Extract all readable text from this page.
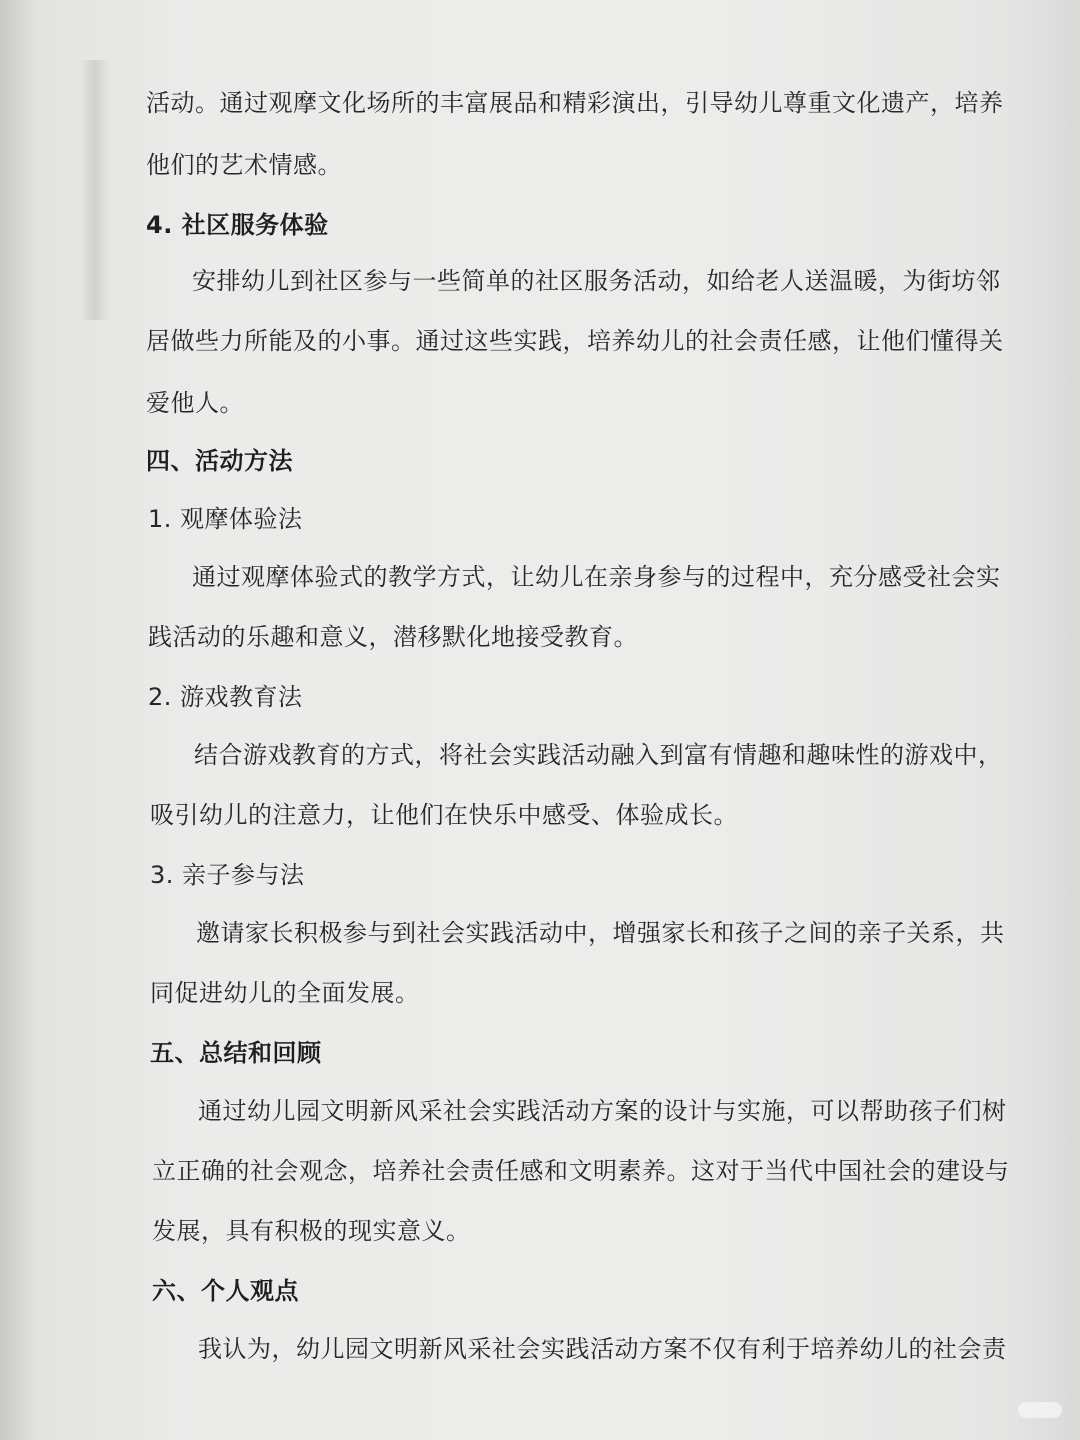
活动。通过观摩文化场所的丰富展品和精彩演出，引导幼儿尊重文化遗产，培养
他们的艺术情感。
4. 社区服务体验
安排幼儿到社区参与一些简单的社区服务活动，如给老人送温暖，为街坊邻
居做些力所能及的小事。通过这些实践，培养幼儿的社会责任感，让他们懂得关
爱他人。
四、活动方法
1. 观摩体验法
通过观摩体验式的教学方式，让幼儿在亲身参与的过程中，充分感受社会实
践活动的乐趣和意义，潜移默化地接受教育。
2. 游戏教育法
结合游戏教育的方式，将社会实践活动融入到富有情趣和趣味性的游戏中，
吸引幼儿的注意力，让他们在快乐中感受、体验成长。
3. 亲子参与法
邀请家长积极参与到社会实践活动中，增强家长和孩子之间的亲子关系，共
同促进幼儿的全面发展。
五、总结和回顾
通过幼儿园文明新风采社会实践活动方案的设计与实施，可以帮助孩子们树
立正确的社会观念，培养社会责任感和文明素养。这对于当代中国社会的建设与
发展，具有积极的现实意义。
六、个人观点
我认为，幼儿园文明新风采社会实践活动方案不仅有利于培养幼儿的社会责
